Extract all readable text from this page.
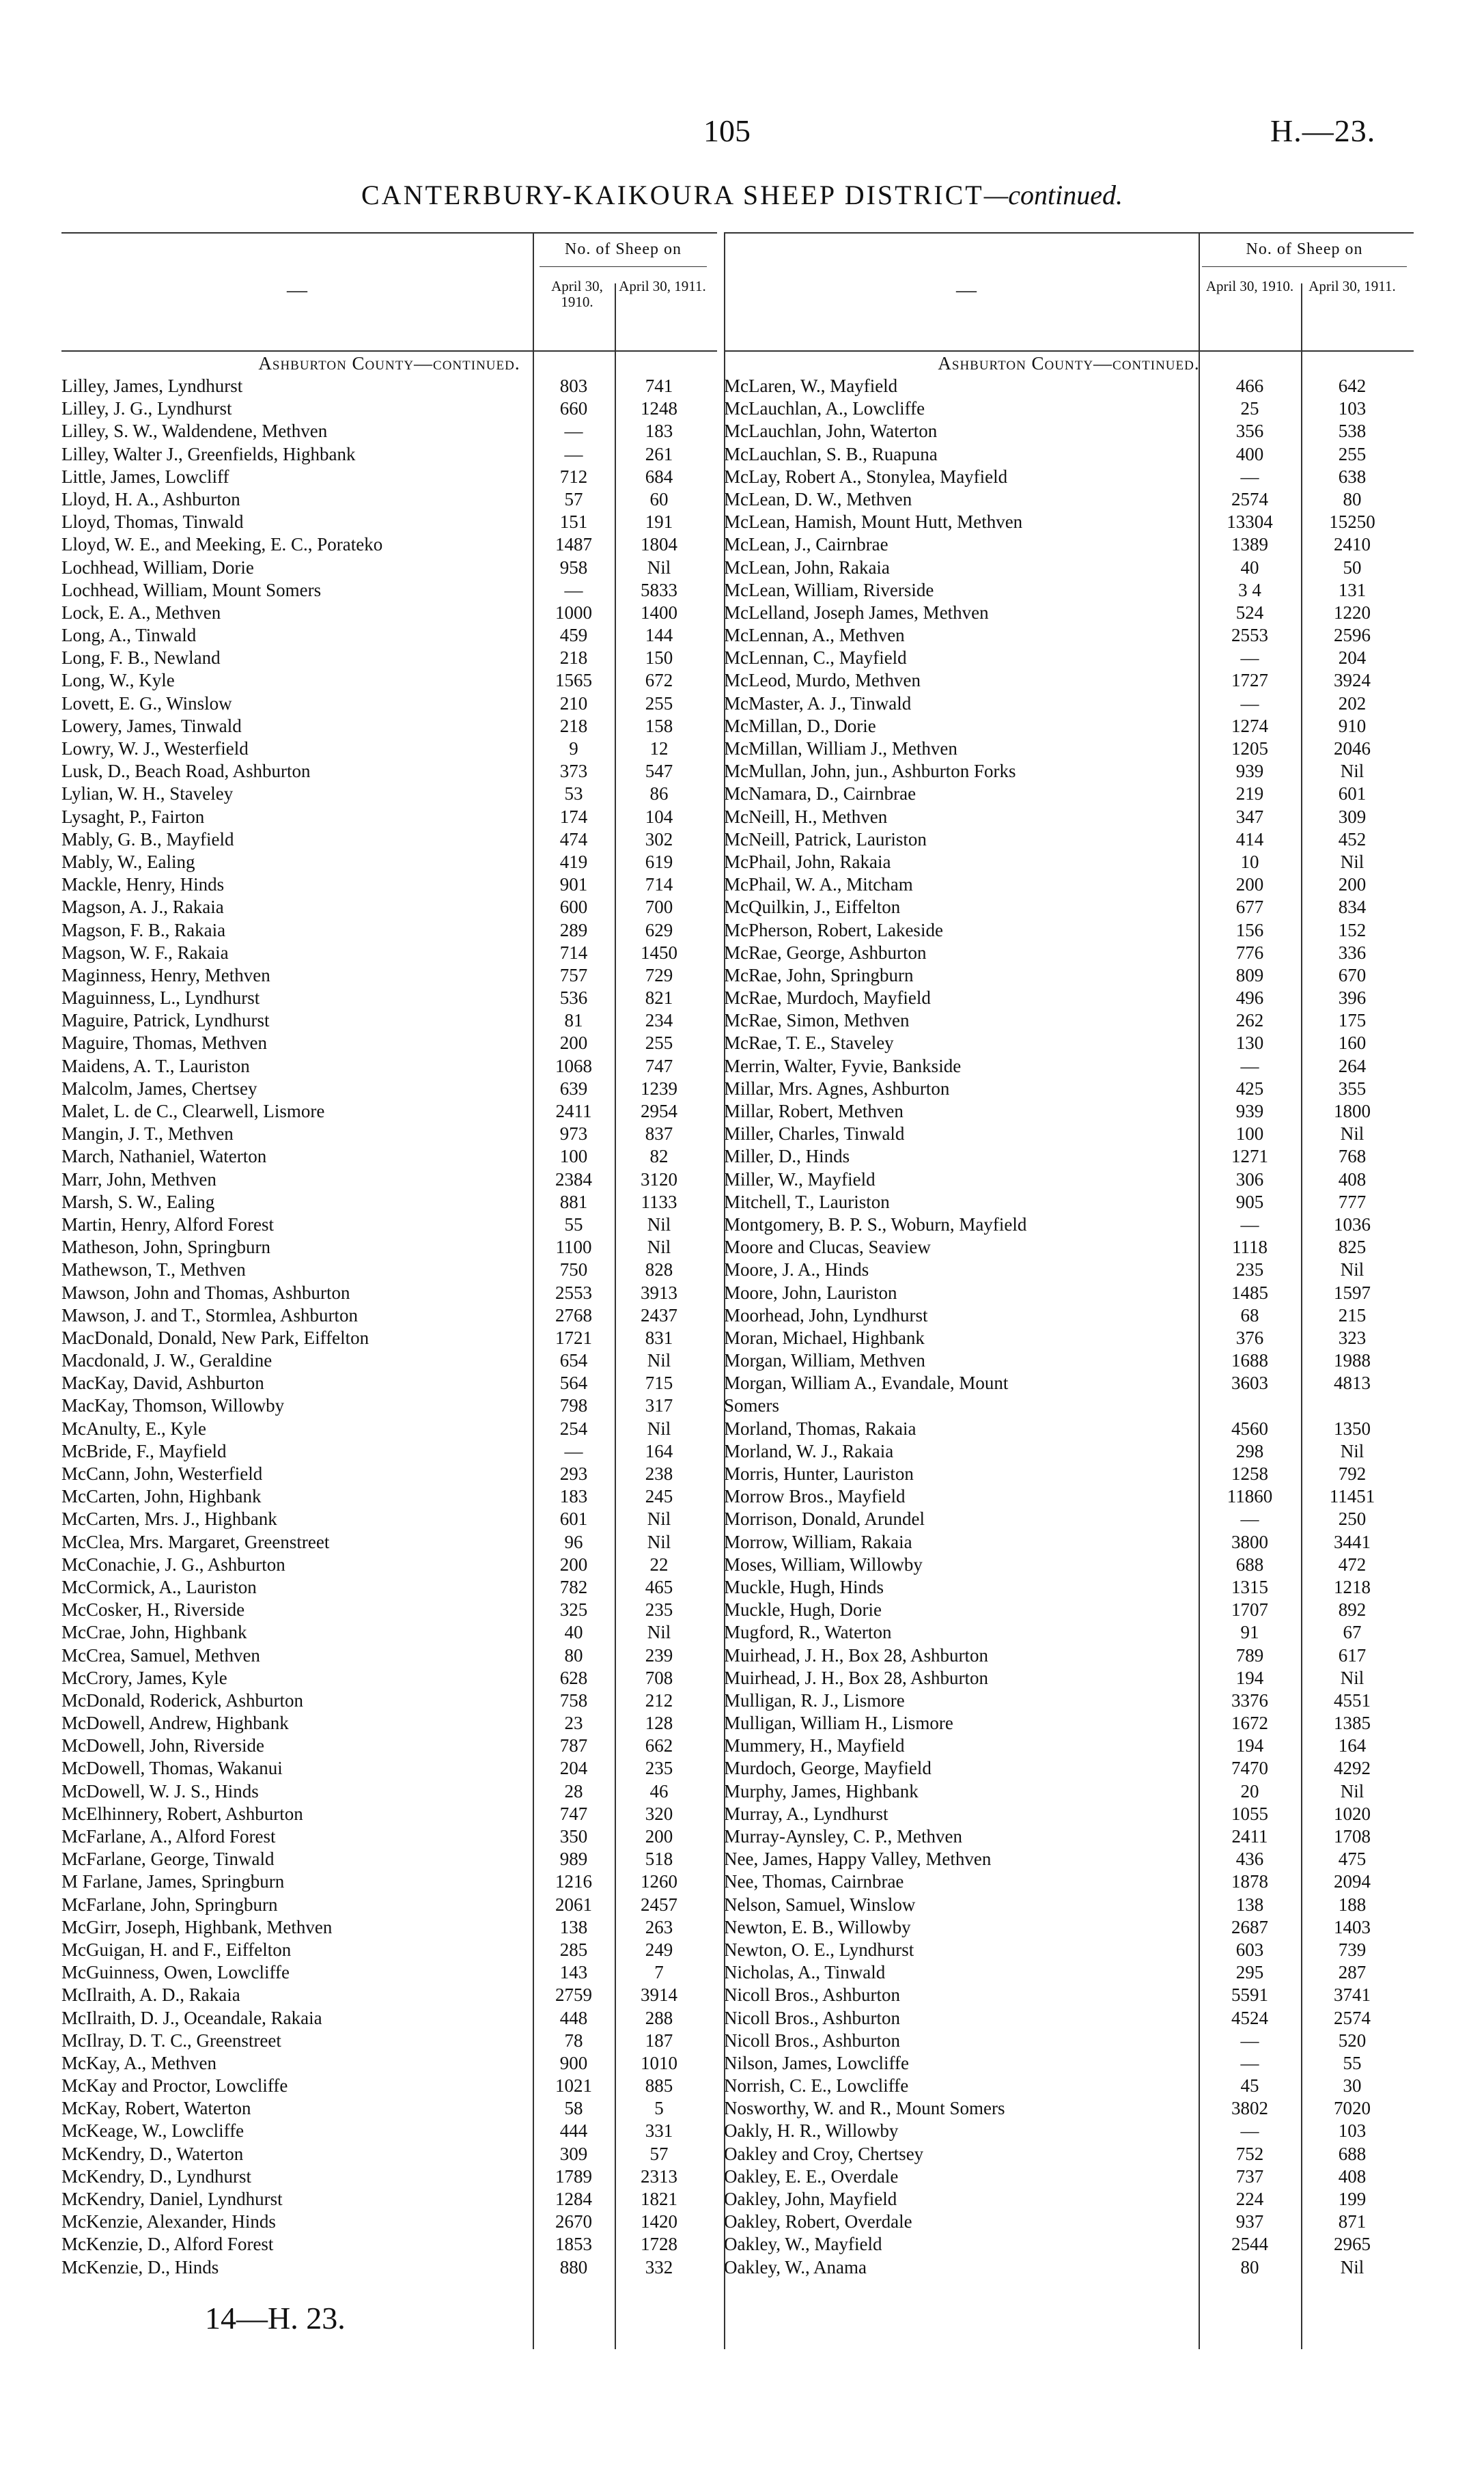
105	H.—23.
CANTERBURY-KAIKOURA SHEEP DISTRICT—continued.
—
No. of Sheep on
April 30, 1910.
April 30, 1911.
Ashburton County—continued.
Lilley, James, Lyndhurst	803	741
Lilley, J. G., Lyndhurst	660	1248
Lilley, S. W., Waldendene, Methven	—	183
Lilley, Walter J., Greenfields, Highbank	—	261
Little, James, Lowcliff	712	684
Lloyd, H. A., Ashburton	57	60
Lloyd, Thomas, Tinwald	151	191
Lloyd, W. E., and Meeking, E. C., Porateko	1487	1804
Lochhead, William, Dorie	958	Nil
Lochhead, William, Mount Somers	—	5833
Lock, E. A., Methven	1000	1400
Long, A., Tinwald	459	144
Long, F. B., Newland	218	150
Long, W., Kyle	1565	672
Lovett, E. G., Winslow	210	255
Lowery, James, Tinwald	218	158
Lowry, W. J., Westerfield	9	12
Lusk, D., Beach Road, Ashburton	373	547
Lylian, W. H., Staveley	53	86
Lysaght, P., Fairton	174	104
Mably, G. B., Mayfield	474	302
Mably, W., Ealing	419	619
Mackle, Henry, Hinds	901	714
Magson, A. J., Rakaia	600	700
Magson, F. B., Rakaia	289	629
Magson, W. F., Rakaia	714	1450
Maginness, Henry, Methven	757	729
Maguinness, L., Lyndhurst	536	821
Maguire, Patrick, Lyndhurst	81	234
Maguire, Thomas, Methven	200	255
Maidens, A. T., Lauriston	1068	747
Malcolm, James, Chertsey	639	1239
Malet, L. de C., Clearwell, Lismore	2411	2954
Mangin, J. T., Methven	973	837
March, Nathaniel, Waterton	100	82
Marr, John, Methven	2384	3120
Marsh, S. W., Ealing	881	1133
Martin, Henry, Alford Forest	55	Nil
Matheson, John, Springburn	1100	Nil
Mathewson, T., Methven	750	828
Mawson, John and Thomas, Ashburton	2553	3913
Mawson, J. and T., Stormlea, Ashburton	2768	2437
MacDonald, Donald, New Park, Eiffelton	1721	831
Macdonald, J. W., Geraldine	654	Nil
MacKay, David, Ashburton	564	715
MacKay, Thomson, Willowby	798	317
McAnulty, E., Kyle	254	Nil
McBride, F., Mayfield	—	164
McCann, John, Westerfield	293	238
McCarten, John, Highbank	183	245
McCarten, Mrs. J., Highbank	601	Nil
McClea, Mrs. Margaret, Greenstreet	96	Nil
McConachie, J. G., Ashburton	200	22
McCormick, A., Lauriston	782	465
McCosker, H., Riverside	325	235
McCrae, John, Highbank	40	Nil
McCrea, Samuel, Methven	80	239
McCrory, James, Kyle	628	708
McDonald, Roderick, Ashburton	758	212
McDowell, Andrew, Highbank	23	128
McDowell, John, Riverside	787	662
McDowell, Thomas, Wakanui	204	235
McDowell, W. J. S., Hinds	28	46
McElhinnery, Robert, Ashburton	747	320
McFarlane, A., Alford Forest	350	200
McFarlane, George, Tinwald	989	518
M Farlane, James, Springburn	1216	1260
McFarlane, John, Springburn	2061	2457
McGirr, Joseph, Highbank, Methven	138	263
McGuigan, H. and F., Eiffelton	285	249
McGuinness, Owen, Lowcliffe	143	7
McIlraith, A. D., Rakaia	2759	3914
McIlraith, D. J., Oceandale, Rakaia	448	288
McIlray, D. T. C., Greenstreet	78	187
McKay, A., Methven	900	1010
McKay and Proctor, Lowcliffe	1021	885
McKay, Robert, Waterton	58	5
McKeage, W., Lowcliffe	444	331
McKendry, D., Waterton	309	57
McKendry, D., Lyndhurst	1789	2313
McKendry, Daniel, Lyndhurst	1284	1821
McKenzie, Alexander, Hinds	2670	1420
McKenzie, D., Alford Forest	1853	1728
McKenzie, D., Hinds	880	332
—
No. of Sheep on
April 30, 1910.	April 30, 1911.
Ashburton County—continued.
McLaren, W., Mayfield	466	642
McLauchlan, A., Lowcliffe	25	103
McLauchlan, John, Waterton	356	538
McLauchlan, S. B., Ruapuna	400	255
McLay, Robert A., Stonylea, Mayfield	—	638
McLean, D. W., Methven	2574	80
McLean, Hamish, Mount Hutt, Methven	13304	15250
McLean, J., Cairnbrae	1389	2410
McLean, John, Rakaia	40	50
McLean, William, Riverside	3 4	131
McLelland, Joseph James, Methven	524	1220
McLennan, A., Methven	2553	2596
McLennan, C., Mayfield	—	204
McLeod, Murdo, Methven	1727	3924
McMaster, A. J., Tinwald	—	202
McMillan, D., Dorie	1274	910
McMillan, William J., Methven	1205	2046
McMullan, John, jun., Ashburton Forks	939	Nil
McNamara, D., Cairnbrae	219	601
McNeill, H., Methven	347	309
McNeill, Patrick, Lauriston	414	452
McPhail, John, Rakaia	10	Nil
McPhail, W. A., Mitcham	200	200
McQuilkin, J., Eiffelton	677	834
McPherson, Robert, Lakeside	156	152
McRae, George, Ashburton	776	336
McRae, John, Springburn	809	670
McRae, Murdoch, Mayfield	496	396
McRae, Simon, Methven	262	175
McRae, T. E., Staveley	130	160
Merrin, Walter, Fyvie, Bankside	—	264
Millar, Mrs. Agnes, Ashburton	425	355
Millar, Robert, Methven	939	1800
Miller, Charles, Tinwald	100	Nil
Miller, D., Hinds	1271	768
Miller, W., Mayfield	306	408
Mitchell, T., Lauriston	905	777
Montgomery, B. P. S., Woburn, Mayfield	—	1036
Moore and Clucas, Seaview	1118	825
Moore, J. A., Hinds	235	Nil
Moore, John, Lauriston	1485	1597
Moorhead, John, Lyndhurst	68	215
Moran, Michael, Highbank	376	323
Morgan, William, Methven	1688	1988
Morgan, William A., Evandale, Mount	3603	4813
Somers
Morland, Thomas, Rakaia	4560	1350
Morland, W. J., Rakaia	298	Nil
Morris, Hunter, Lauriston	1258	792
Morrow Bros., Mayfield	11860	11451
Morrison, Donald, Arundel	—	250
Morrow, William, Rakaia	3800	3441
Moses, William, Willowby	688	472
Muckle, Hugh, Hinds	1315	1218
Muckle, Hugh, Dorie	1707	892
Mugford, R., Waterton	91	67
Muirhead, J. H., Box 28, Ashburton	789	617
Muirhead, J. H., Box 28, Ashburton	194	Nil
Mulligan, R. J., Lismore	3376	4551
Mulligan, William H., Lismore	1672	1385
Mummery, H., Mayfield	194	164
Murdoch, George, Mayfield	7470	4292
Murphy, James, Highbank	20	Nil
Murray, A., Lyndhurst	1055	1020
Murray-Aynsley, C. P., Methven	2411	1708
Nee, James, Happy Valley, Methven	436	475
Nee, Thomas, Cairnbrae	1878	2094
Nelson, Samuel, Winslow	138	188
Newton, E. B., Willowby	2687	1403
Newton, O. E., Lyndhurst	603	739
Nicholas, A., Tinwald	295	287
Nicoll Bros., Ashburton	5591	3741
Nicoll Bros., Ashburton	4524	2574
Nicoll Bros., Ashburton	—	520
Nilson, James, Lowcliffe	—	55
Norrish, C. E., Lowcliffe	45	30
Nosworthy, W. and R., Mount Somers	3802	7020
Oakly, H. R., Willowby	—	103
Oakley and Croy, Chertsey	752	688
Oakley, E. E., Overdale	737	408
Oakley, John, Mayfield	224	199
Oakley, Robert, Overdale	937	871
Oakley, W., Mayfield	2544	2965
Oakley, W., Anama	80	Nil
14—H. 23.
